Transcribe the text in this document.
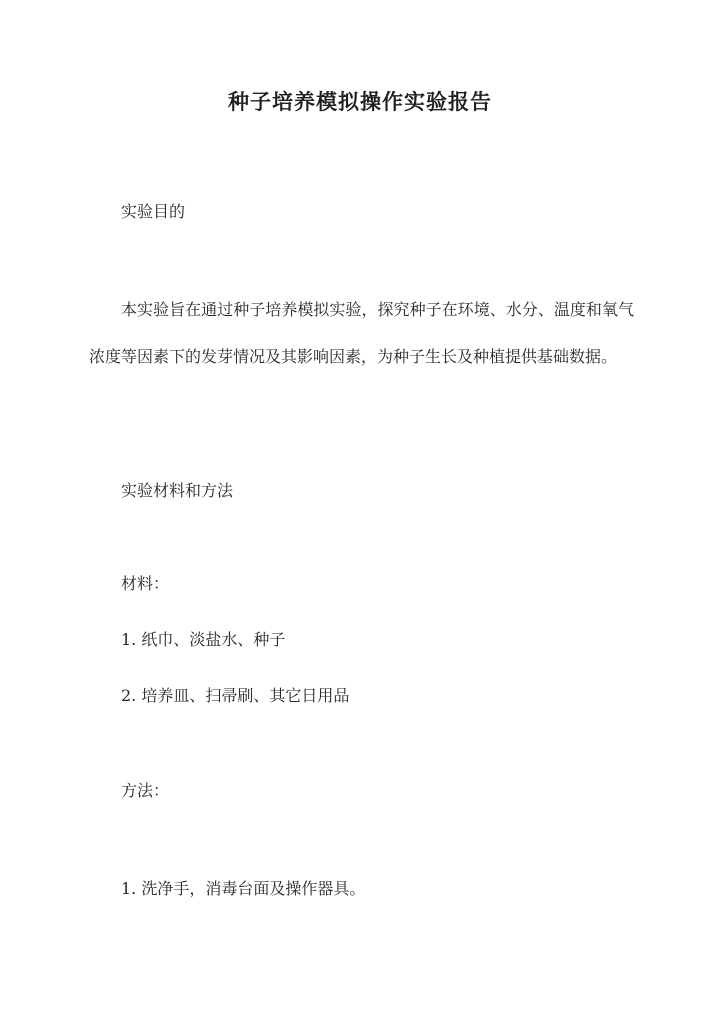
种子培养模拟操作实验报告
实验目的
本实验旨在通过种子培养模拟实验，探究种子在环境、水分、温度和氧气浓度等因素下的发芽情况及其影响因素，为种子生长及种植提供基础数据。
实验材料和方法
材料：
1. 纸巾、淡盐水、种子
2. 培养皿、扫帚刷、其它日用品
方法：
1. 洗净手，消毒台面及操作器具。
